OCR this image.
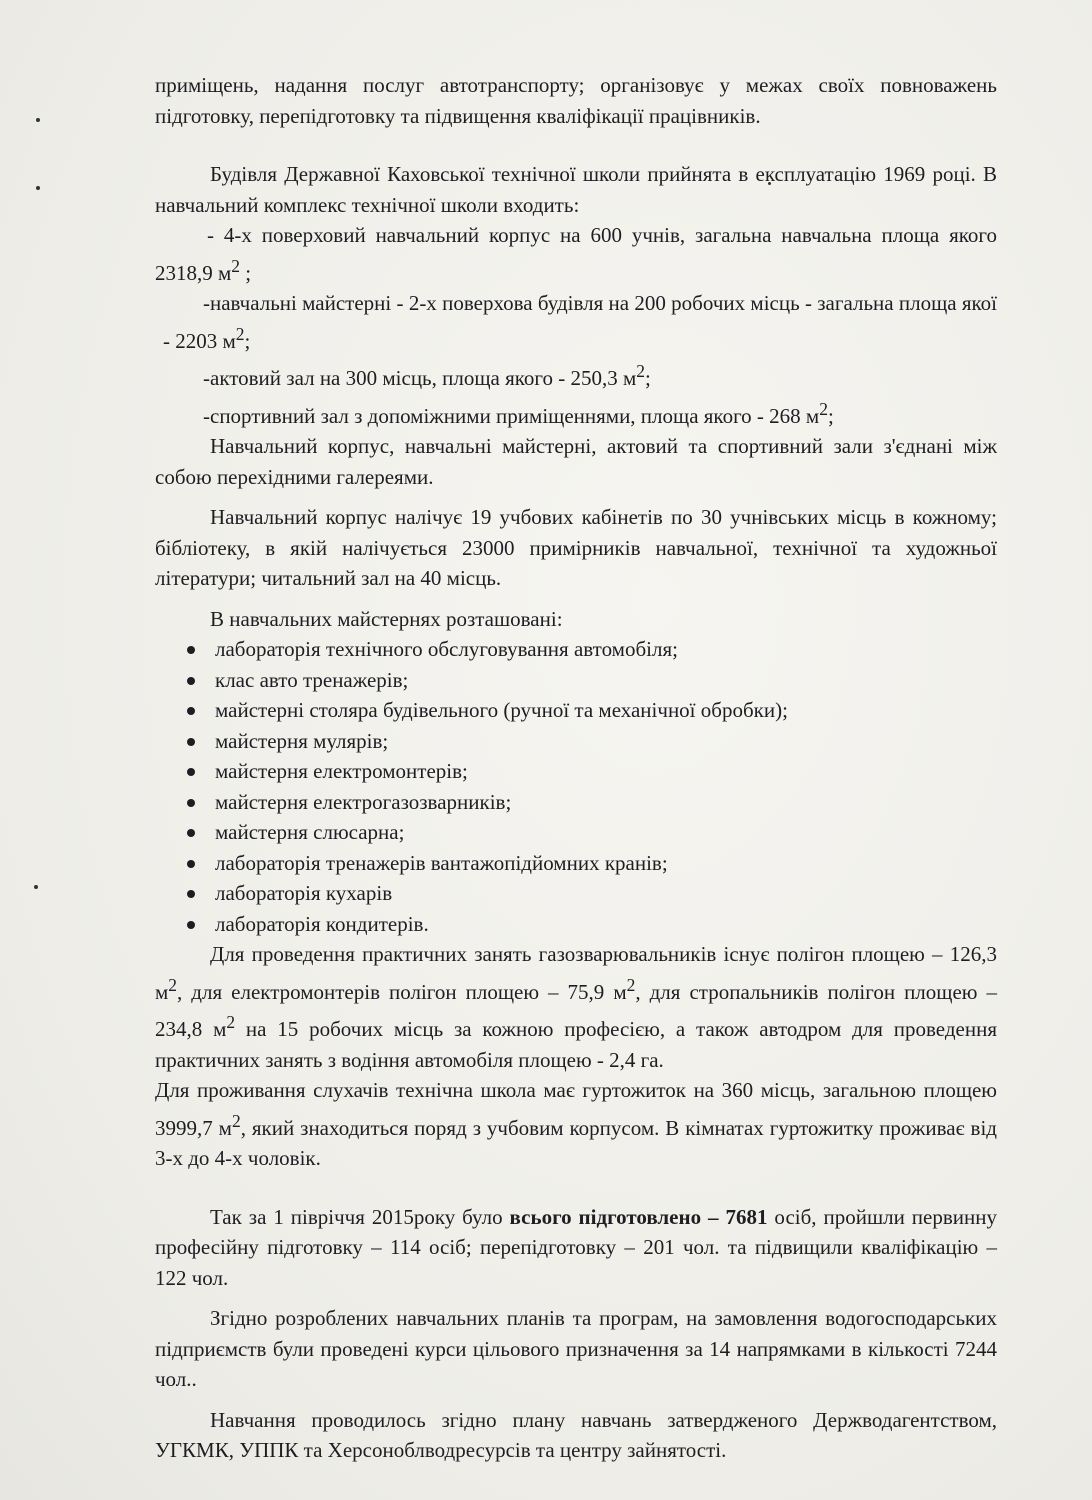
приміщень, надання послуг автотранспорту; організовує у межах своїх повноважень підготовку, перепідготовку та підвищення кваліфікації працівників.

Будівля Державної Каховської технічної школи прийнята в експлуатацію 1969 році. В навчальний комплекс технічної школи входить:

- 4-х поверховий навчальний корпус на 600 учнів, загальна навчальна площа якого 2318,9 $м^2$ ;

-навчальні майстерні - 2-х поверхова будівля на 200 робочих місць - загальна площа якої - 2203 $м^2$;

-актовий зал на 300 місць, площа якого - 250,3 $м^2$;

-спортивний зал з допоміжними приміщеннями, площа якого - 268 $м^2$;

Навчальний корпус, навчальні майстерні, актовий та спортивний зали з'єднані між собою перехідними галереями.

Навчальний корпус налічує 19 учбових кабінетів по 30 учнівських місць в кожному; бібліотеку, в якій налічується 23000 примірників навчальної, технічної та художньої літератури; читальний зал на 40 місць.

В навчальних майстернях розташовані:

лабораторія технічного обслуговування автомобіля;
клас авто тренажерів;
майстерні столяра будівельного (ручної та механічної обробки);
майстерня мулярів;
майстерня електромонтерів;
майстерня електрогазозварників;
майстерня слюсарна;
лабораторія тренажерів вантажопідйомних кранів;
лабораторія кухарів
лабораторія кондитерів.

Для проведення практичних занять газозварювальників існує полігон площею – 126,3 $м^2$, для електромонтерів полігон площею – 75,9 $м^2$, для стропальників полігон площею – 234,8 $м^2$ на 15 робочих місць за кожною професією, а також автодром для проведення практичних занять з водіння автомобіля площею - 2,4 га.

Для проживання слухачів технічна школа має гуртожиток на 360 місць, загальною площею 3999,7 $м^2$, який знаходиться поряд з учбовим корпусом. В кімнатах гуртожитку проживає від 3-х до 4-х чоловік.

Так за 1 півріччя 2015року було всього підготовлено – 7681 осіб, пройшли первинну професійну підготовку – 114 осіб; перепідготовку – 201 чол. та підвищили кваліфікацію – 122 чол.

Згідно розроблених навчальних планів та програм, на замовлення водогосподарських підприємств були проведені курси цільового призначення за 14 напрямками в кількості 7244 чол..

Навчання проводилось згідно плану навчань затвердженого Держводагентством, УГКМК, УППК та Херсоноблводресурсів та центру зайнятості.
